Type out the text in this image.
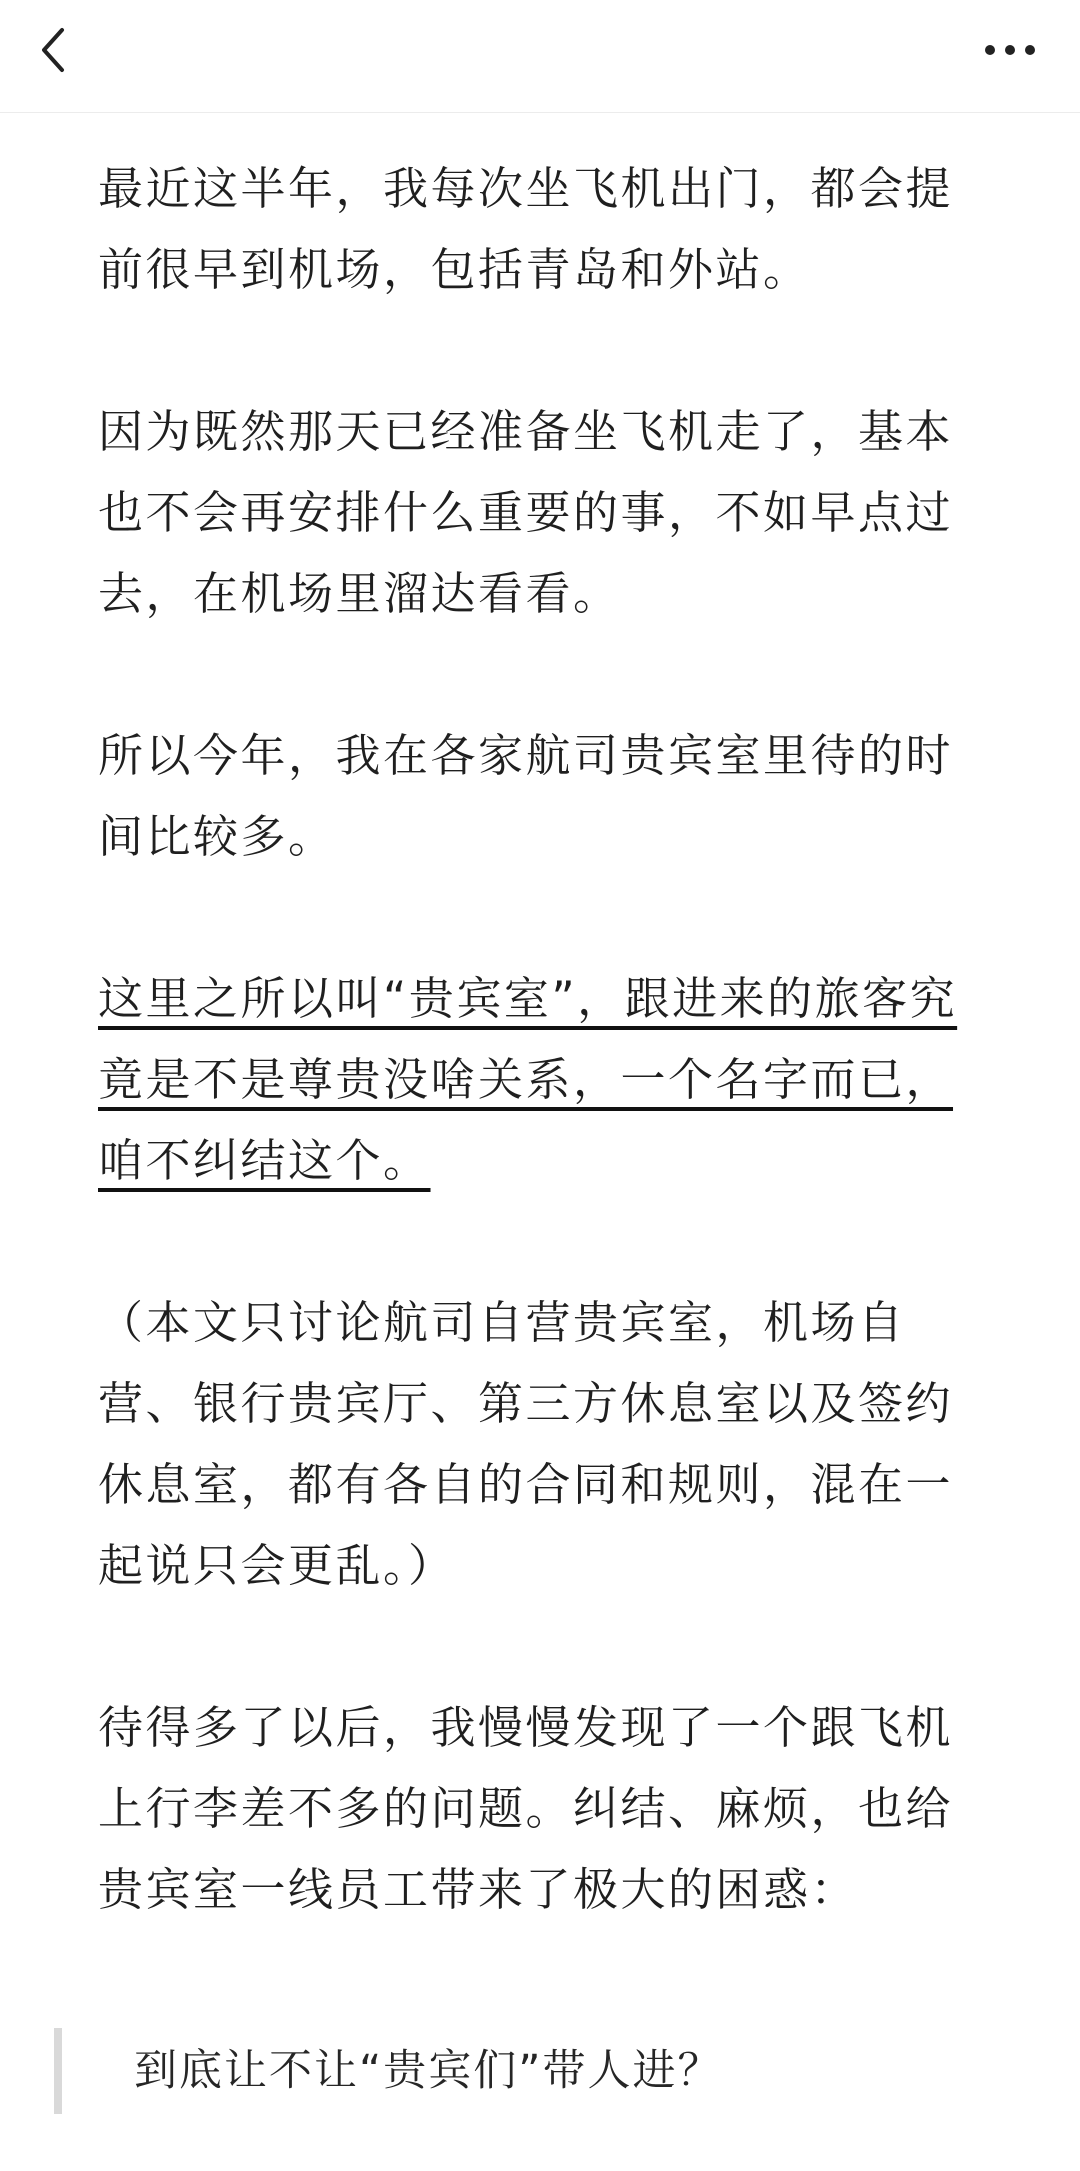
最近这半年，我每次坐飞机出门，都会提前很早到机场，包括青岛和外站。

因为既然那天已经准备坐飞机走了，基本也不会再安排什么重要的事，不如早点过去，在机场里溜达看看。

所以今年，我在各家航司贵宾室里待的时间比较多。

这里之所以叫“贵宾室”，跟进来的旅客究竟是不是尊贵没啥关系，一个名字而已，咱不纠结这个。

（本文只讨论航司自营贵宾室，机场自营、银行贵宾厅、第三方休息室以及签约休息室，都有各自的合同和规则，混在一起说只会更乱。）

待得多了以后，我慢慢发现了一个跟飞机上行李差不多的问题。纠结、麻烦，也给贵宾室一线员工带来了极大的困惑：

到底让不让“贵宾们”带人进？
